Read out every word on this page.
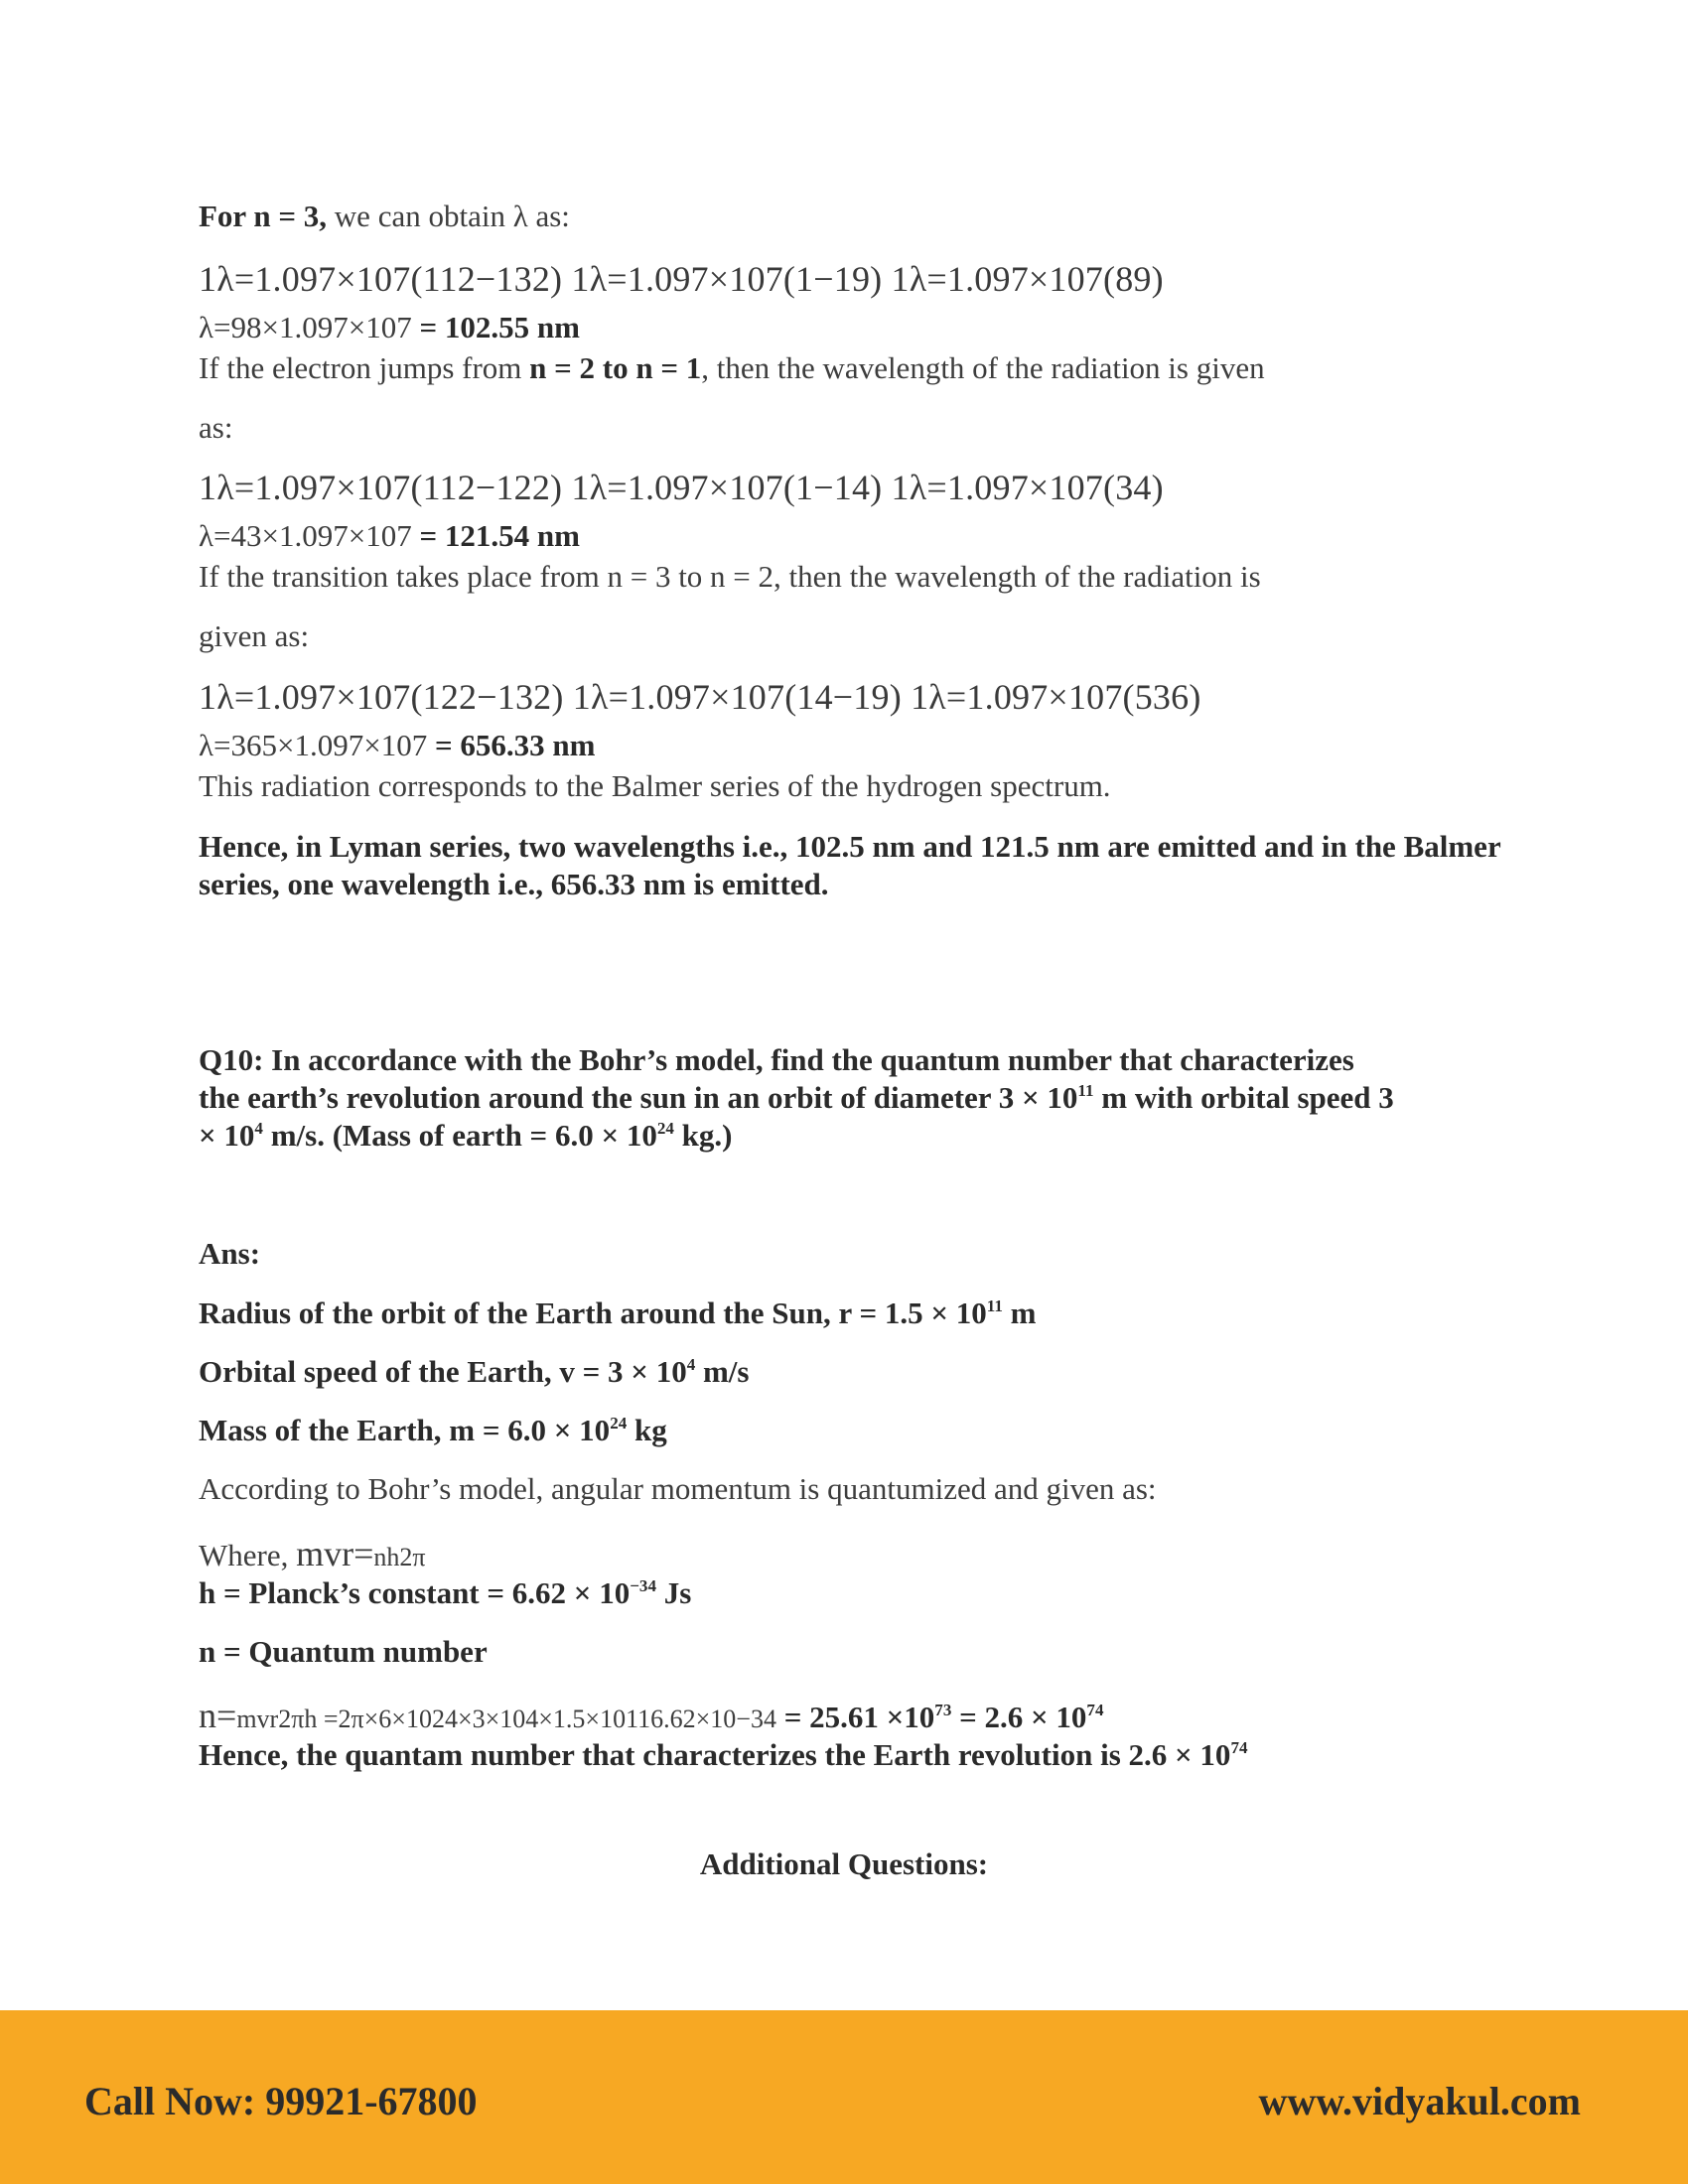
For n = 3, we can obtain λ as:
1λ=1.097×107(112−132) 1λ=1.097×107(1−19) 1λ=1.097×107(89)
λ=98×1.097×107 = 102.55 nm
If the electron jumps from n = 2 to n = 1, then the wavelength of the radiation is given
as:
1λ=1.097×107(112−122) 1λ=1.097×107(1−14) 1λ=1.097×107(34)
λ=43×1.097×107 = 121.54 nm
If the transition takes place from n = 3 to n = 2, then the wavelength of the radiation is
given as:
1λ=1.097×107(122−132) 1λ=1.097×107(14−19) 1λ=1.097×107(536)
λ=365×1.097×107 = 656.33 nm
This radiation corresponds to the Balmer series of the hydrogen spectrum.
Hence, in Lyman series, two wavelengths i.e., 102.5 nm and 121.5 nm are emitted and in the Balmer series, one wavelength i.e., 656.33 nm is emitted.
Q10: In accordance with the Bohr’s model, find the quantum number that characterizes
the earth’s revolution around the sun in an orbit of diameter $3 \times 10^{11}$ m with orbital speed 3
× $10^4$ m/s. (Mass of earth = $6.0 \times 10^{24}$ kg.)
Ans:
Radius of the orbit of the Earth around the Sun, $r = 1.5 \times 10^{11}$ m
Orbital speed of the Earth, $v = 3 \times 10^4$ m/s
Mass of the Earth, $m = 6.0 \times 10^{24}$ kg
According to Bohr’s model, angular momentum is quantumized and given as:
Where, mvr=nh2π
h = Planck’s constant = $6.62 \times 10^{-34}$ Js
n = Quantum number
$n=mvr2\pi h =2\pi\times 6\times 1024\times 3\times 104\times 1.5\times 10116.62\times 10-34 = 25.61 \times 10^{73} = 2.6 \times 10^{74}$
Hence, the quantam number that characterizes the Earth revolution is $2.6 \times 10^{74}$
Additional Questions:
Call Now: 99921-67800	www.vidyakul.com
